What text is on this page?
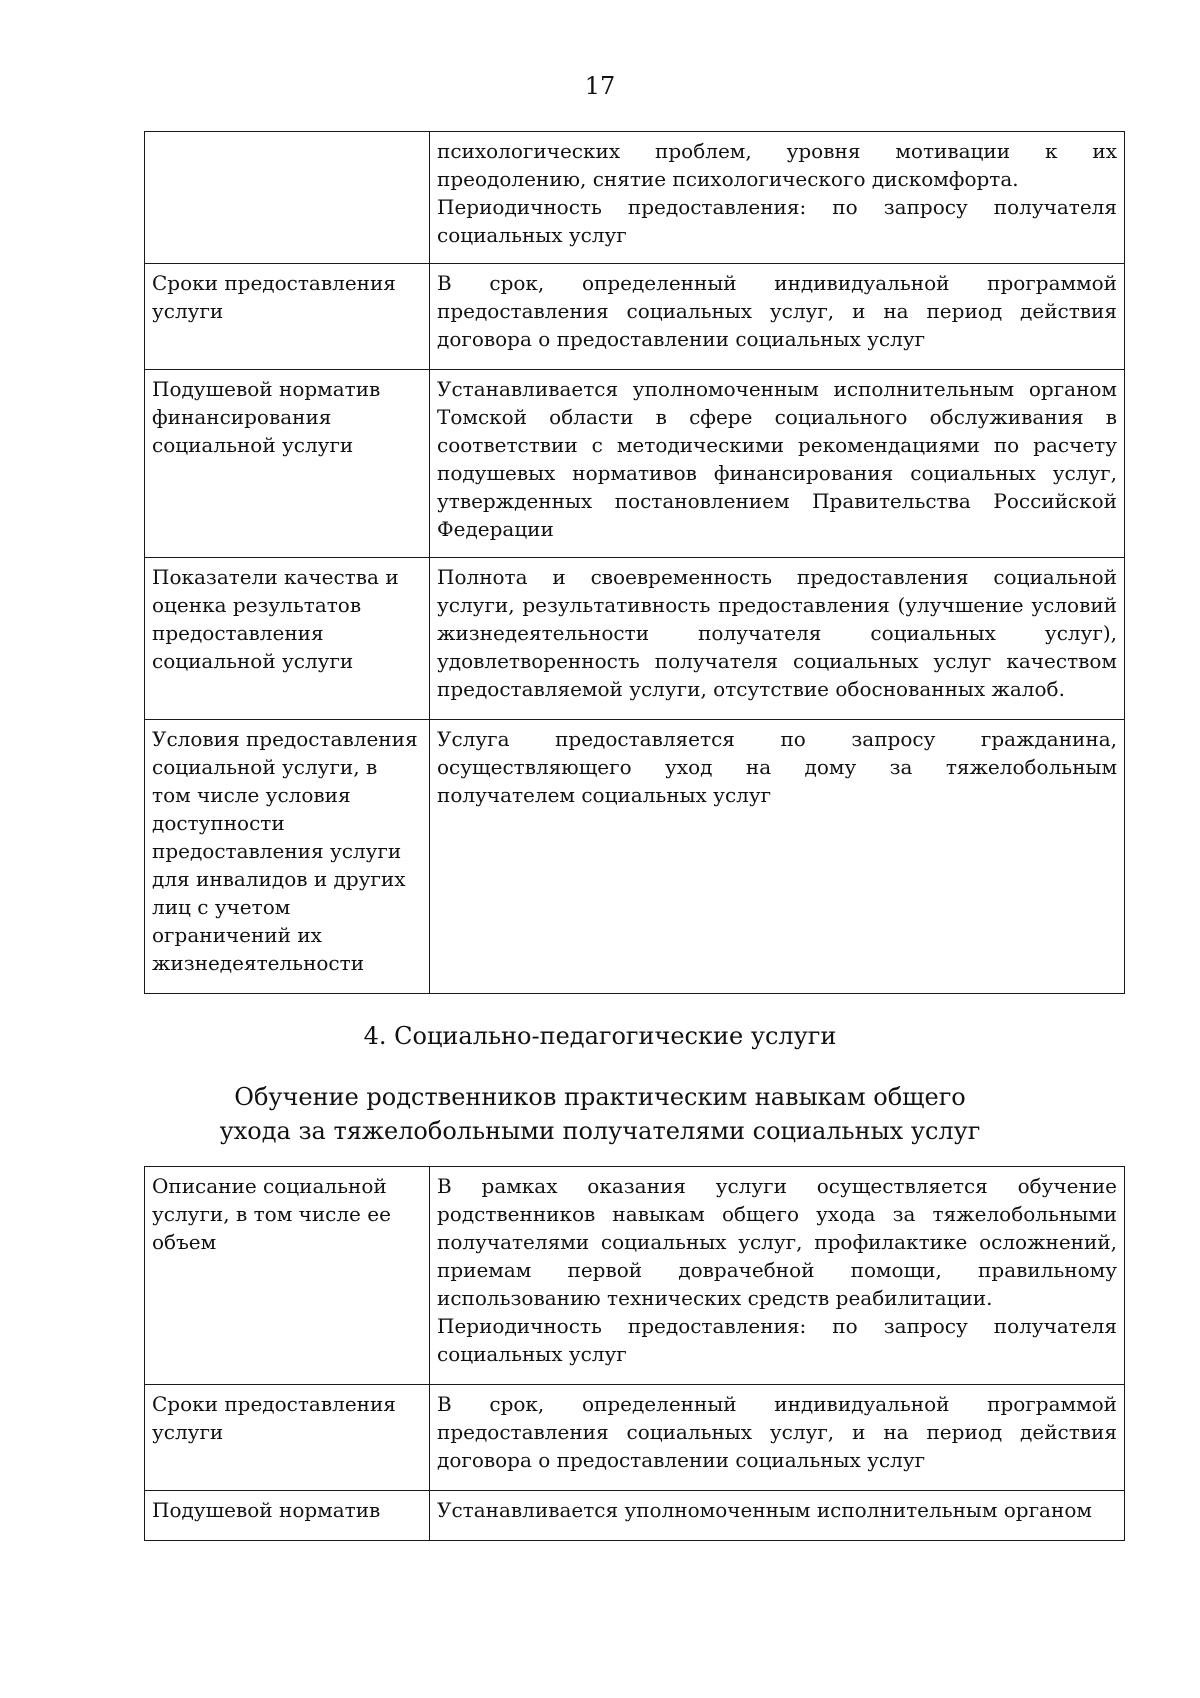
17

	психологических проблем, уровня мотивации к их преодолению, снятие психологического дискомфорта.

Периодичность предоставления: по запросу получателя социальных услуг

Сроки предоставления услуги	В срок, определенный индивидуальной программой предоставления социальных услуг, и на период действия договора о предоставлении социальных услуг

Подушевой норматив финансирования социальной услуги	Устанавливается уполномоченным исполнительным органом Томской области в сфере социального обслуживания в соответствии с методическими рекомендациями по расчету подушевых нормативов финансирования социальных услуг, утвержденных постановлением Правительства Российской Федерации

Показатели качества и оценка результатов предоставления социальной услуги	Полнота и своевременность предоставления социальной услуги, результативность предоставления (улучшение условий жизнедеятельности получателя социальных услуг), удовлетворенность получателя социальных услуг качеством предоставляемой услуги, отсутствие обоснованных жалоб.

Условия предоставления социальной услуги, в том числе условия доступности предоставления услуги для инвалидов и других лиц с учетом ограничений их жизнедеятельности	Услуга предоставляется по запросу гражданина, осуществляющего уход на дому за тяжелобольным получателем социальных услуг

4. Социально-педагогические услуги
Обучение родственников практическим навыкам общего ухода за тяжелобольными получателями социальных услуг
Описание социальной услуги, в том числе ее объем	В рамках оказания услуги осуществляется обучение родственников навыкам общего ухода за тяжелобольными получателями социальных услуг, профилактике осложнений, приемам первой доврачебной помощи, правильному использованию технических средств реабилитации.

Периодичность предоставления: по запросу получателя социальных услуг

Сроки предоставления услуги	В срок, определенный индивидуальной программой предоставления социальных услуг, и на период действия договора о предоставлении социальных услуг

Подушевой норматив	Устанавливается уполномоченным исполнительным органом
